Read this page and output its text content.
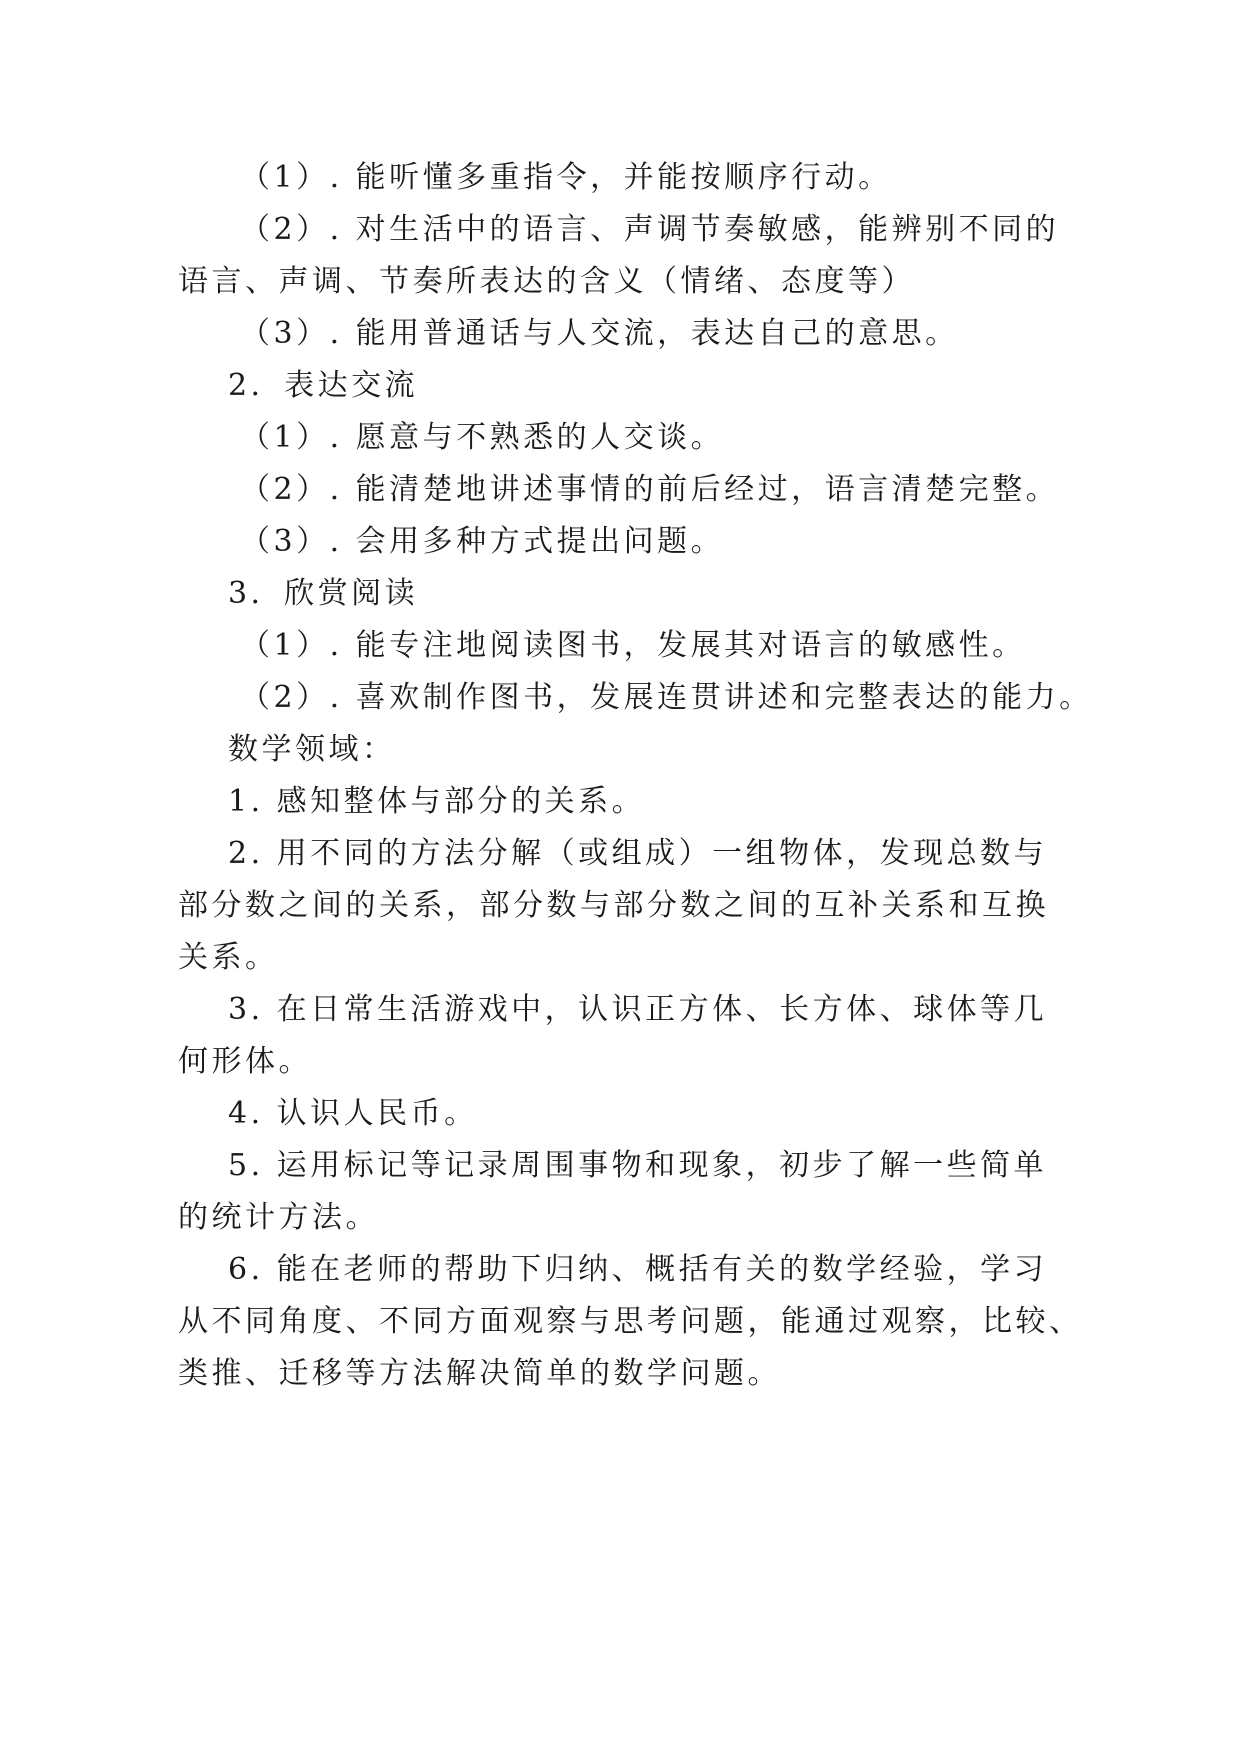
（1）. 能听懂多重指令，并能按顺序行动。
（2）. 对生活中的语言、声调节奏敏感，能辨别不同的
语言、声调、节奏所表达的含义（情绪、态度等）
（3）. 能用普通话与人交流，表达自己的意思。
2．表达交流
（1）. 愿意与不熟悉的人交谈。
（2）. 能清楚地讲述事情的前后经过，语言清楚完整。
（3）. 会用多种方式提出问题。
3．欣赏阅读
（1）. 能专注地阅读图书，发展其对语言的敏感性。
（2）. 喜欢制作图书，发展连贯讲述和完整表达的能力。
数学领域：
1. 感知整体与部分的关系。
2. 用不同的方法分解（或组成）一组物体，发现总数与
部分数之间的关系，部分数与部分数之间的互补关系和互换
关系。
3. 在日常生活游戏中，认识正方体、长方体、球体等几
何形体。
4. 认识人民币。
5. 运用标记等记录周围事物和现象，初步了解一些简单
的统计方法。
6. 能在老师的帮助下归纳、概括有关的数学经验，学习
从不同角度、不同方面观察与思考问题，能通过观察，比较、
类推、迁移等方法解决简单的数学问题。
